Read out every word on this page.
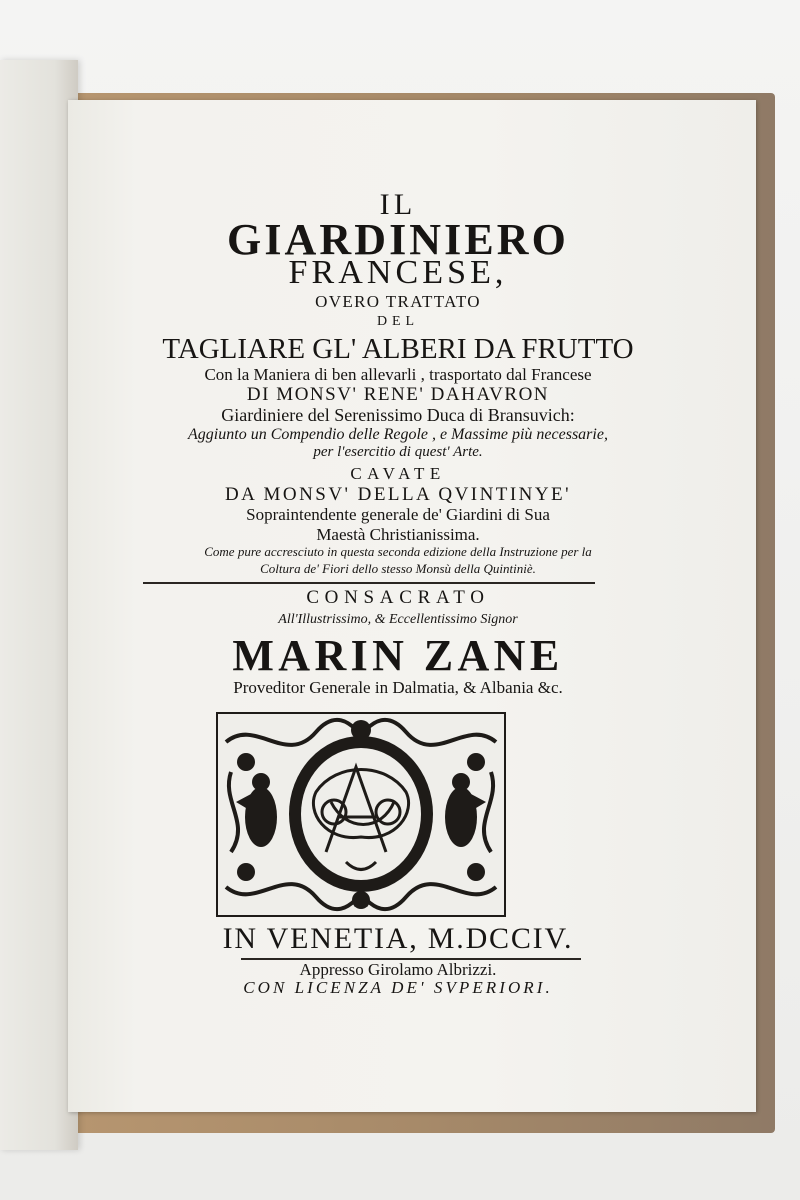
IL
GIARDINIERO
FRANCESE,
OVERO TRATTATO
DEL
TAGLIARE GL' ALBERI DA FRUTTO
Con la Maniera di ben allevarli , trasportato dal Francese
DI MONSV' RENE' DAHAVRON
Giardiniere del Serenissimo Duca di Bransuvich:
Aggiunto un Compendio delle Regole , e Massime più necessarie,
per l'esercitio di quest' Arte.
CAVATE
DA MONSV' DELLA QVINTINYE'
Sopraintendente generale de' Giardini di Sua
Maestà Christianissima.
Come pure accresciuto in questa seconda edizione della Instruzione per la
Coltura de' Fiori dello stesso Monsù della Quintiniè.
CONSACRATO
All'Illustrissimo, & Eccellentissimo Signor
MARIN ZANE
Proveditor Generale in Dalmatia, & Albania &c.
IN VENETIA, M.DCCIV.
Appresso Girolamo Albrizzi.
CON LICENZA DE' SVPERIORI.
